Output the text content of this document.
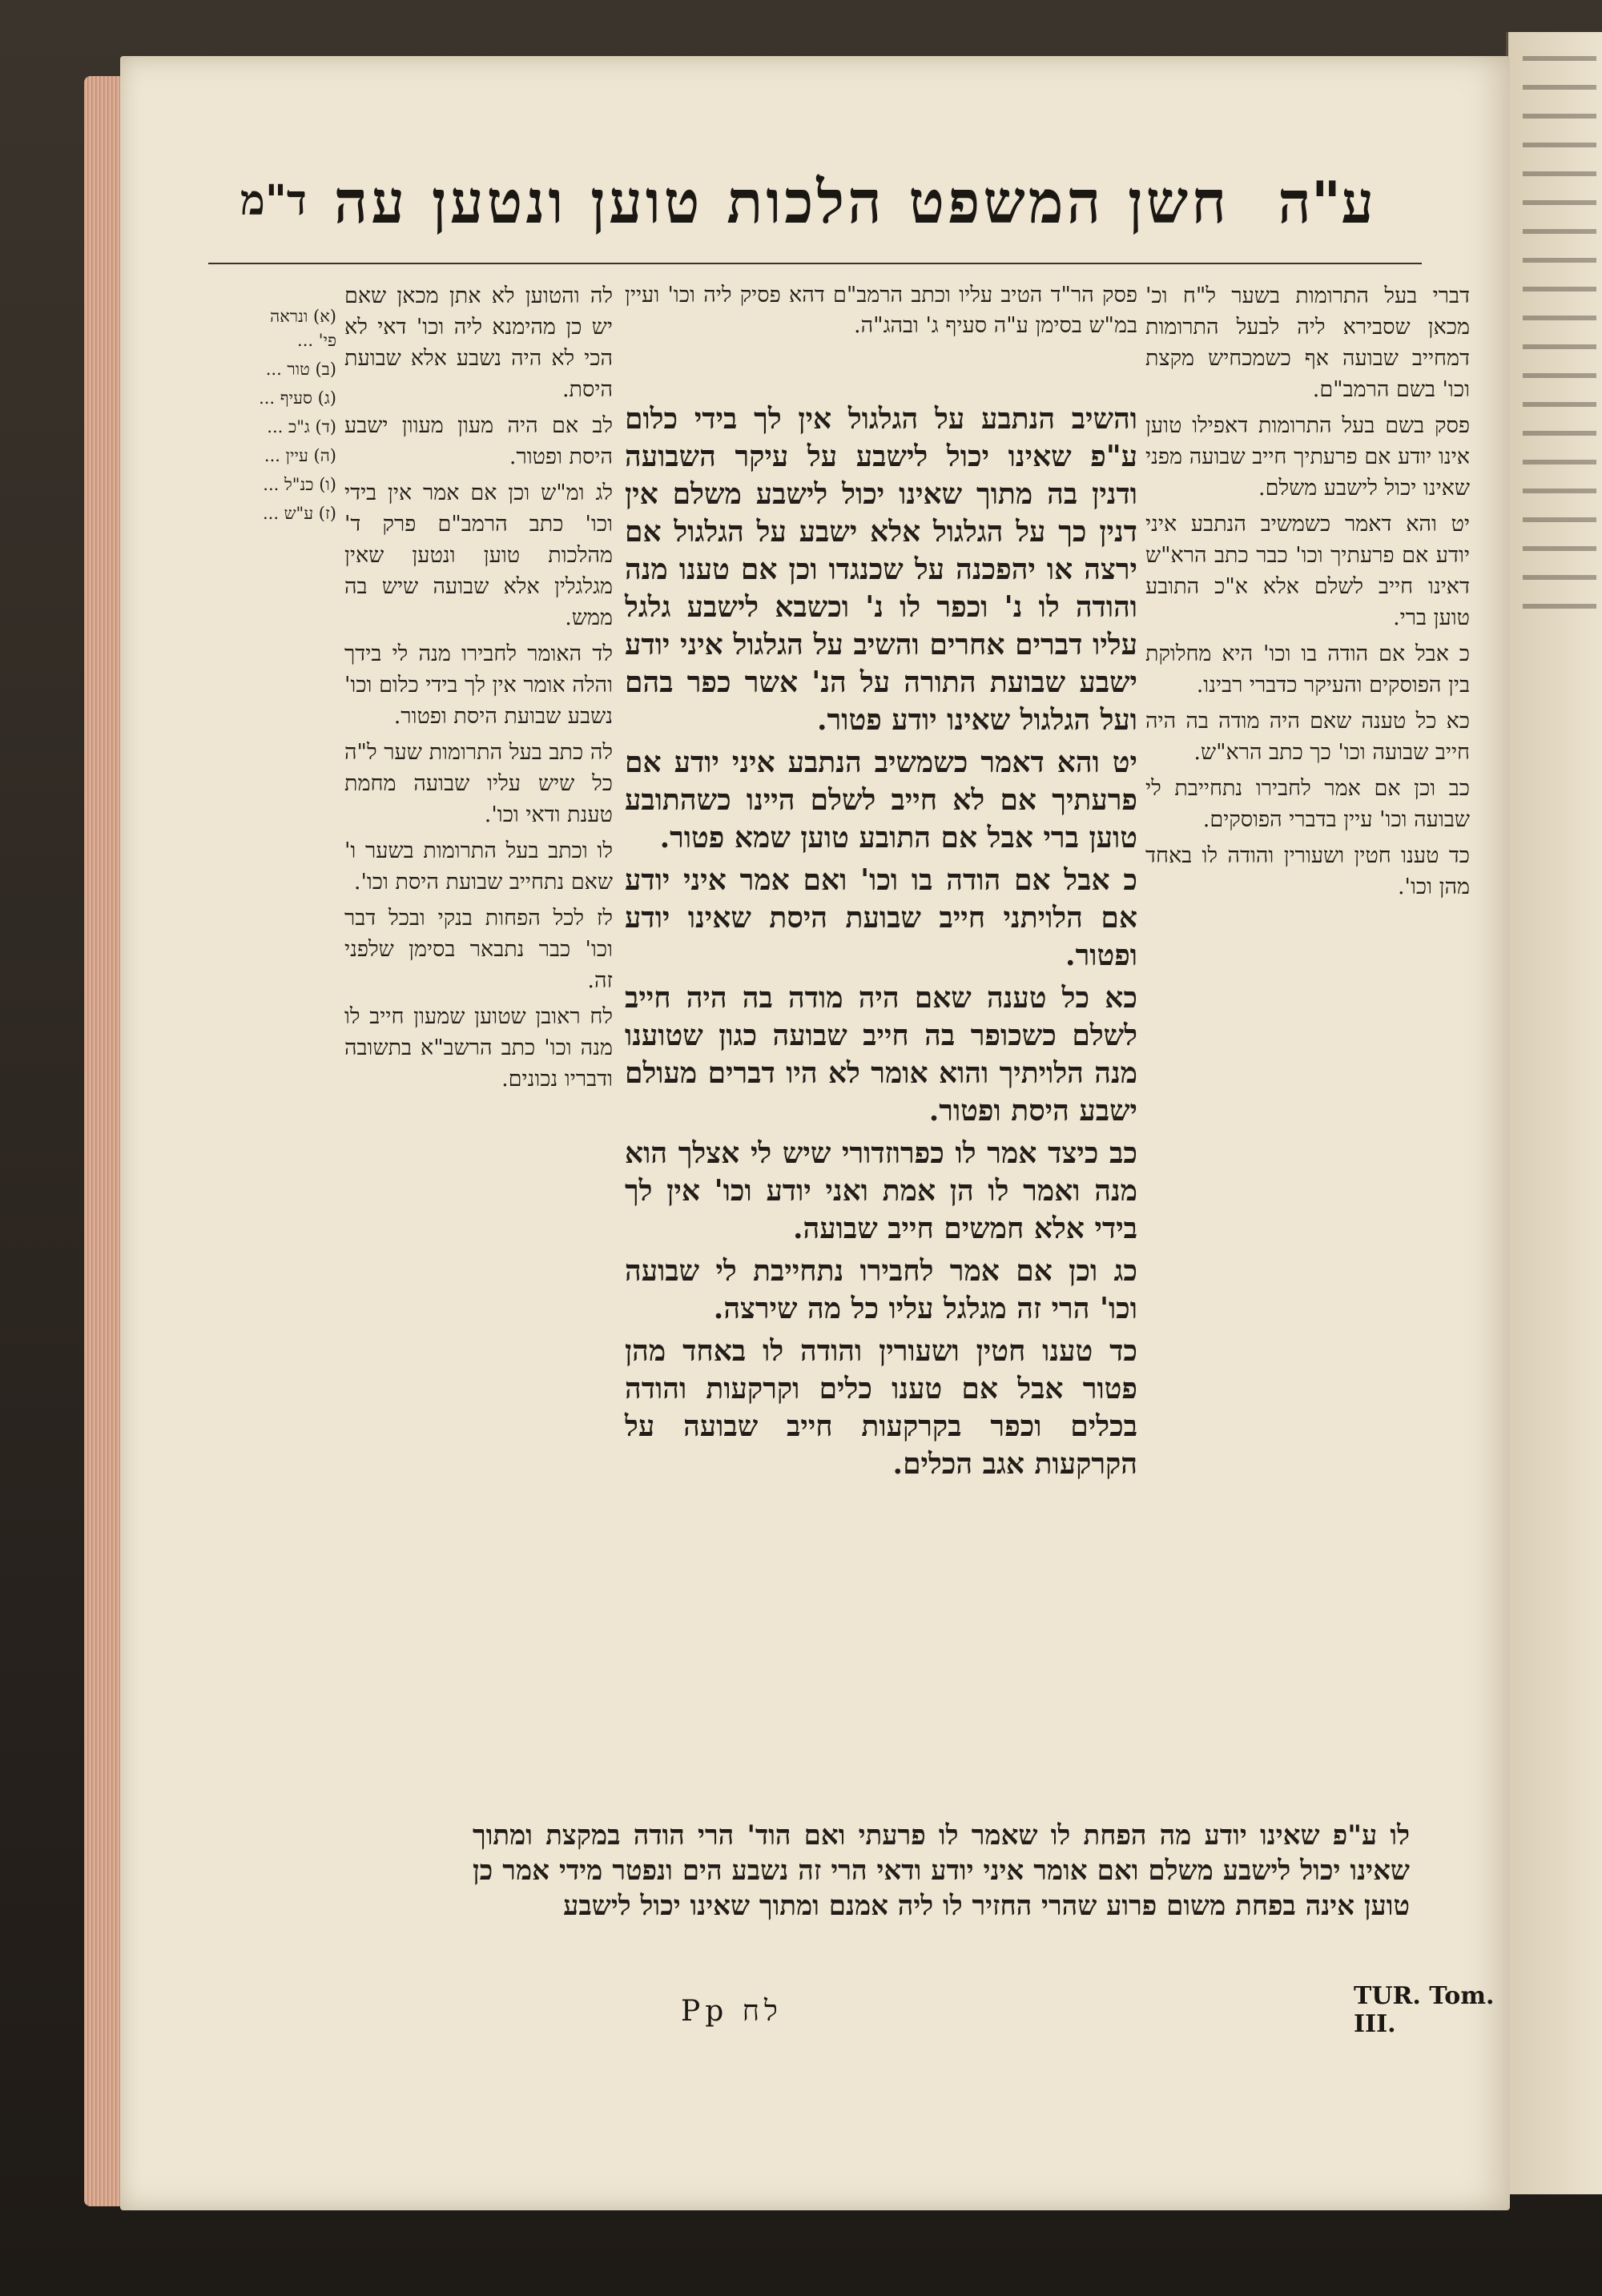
ע"ה
חשן המשפט הלכות טוען ונטען עה
ד"מ

דברי בעל התרומות בשער ל"ח וכ' מכאן שסבירא ליה לבעל התרומות דמחייב שבועה אף כשמכחיש מקצת וכו' בשם הרמב"ם.

פסק בשם בעל התרומות דאפילו טוען אינו יודע אם פרעתיך חייב שבועה מפני שאינו יכול לישבע משלם.

יט והא דאמר כשמשיב הנתבע איני יודע אם פרעתיך וכו' כבר כתב הרא"ש דאינו חייב לשלם אלא א"כ התובע טוען ברי.

כ אבל אם הודה בו וכו' היא מחלוקת בין הפוסקים והעיקר כדברי רבינו.

כא כל טענה שאם היה מודה בה היה חייב שבועה וכו' כך כתב הרא"ש.

כב וכן אם אמר לחבירו נתחייבת לי שבועה וכו' עיין בדברי הפוסקים.

כד טענו חטין ושעורין והודה לו באחד מהן וכו'.

פסק הר"ד הטיב עליו וכתב הרמב"ם דהא פסיק ליה וכו' ועיין במ"ש בסימן ע"ה סעיף ג' ובהג"ה.

והשיב הנתבע על הגלגול אין לך בידי כלום ע"פ שאינו יכול לישבע על עיקר השבועה ודנין בה מתוך שאינו יכול לישבע משלם אין דנין כך על הגלגול אלא ישבע על הגלגול אם ירצה או יהפכנה על שכנגדו וכן אם טענו מנה והודה לו נ' וכפר לו נ' וכשבא לישבע גלגל עליו דברים אחרים והשיב על הגלגול איני יודע ישבע שבועת התורה על הנ' אשר כפר בהם ועל הגלגול שאינו יודע פטור.

יט והא דאמר כשמשיב הנתבע איני יודע אם פרעתיך אם לא חייב לשלם היינו כשהתובע טוען ברי אבל אם התובע טוען שמא פטור.

כ אבל אם הודה בו וכו' ואם אמר איני יודע אם הלויתני חייב שבועת היסת שאינו יודע ופטור.

כא כל טענה שאם היה מודה בה היה חייב לשלם כשכופר בה חייב שבועה כגון שטוענו מנה הלויתיך והוא אומר לא היו דברים מעולם ישבע היסת ופטור.

כב כיצד אמר לו כפרוזדורי שיש לי אצלך הוא מנה ואמר לו הן אמת ואני יודע וכו' אין לך בידי אלא חמשים חייב שבועה.

כג וכן אם אמר לחבירו נתחייבת לי שבועה וכו' הרי זה מגלגל עליו כל מה שירצה.

כד טענו חטין ושעורין והודה לו באחד מהן פטור אבל אם טענו כלים וקרקעות והודה בכלים וכפר בקרקעות חייב שבועה על הקרקעות אגב הכלים.

לה והטוען לא אתן מכאן שאם יש כן מהימנא ליה וכו' דאי לא הכי לא היה נשבע אלא שבועת היסת.

לב אם היה מעון מעוון ישבע היסת ופטור.

לג ומ"ש וכן אם אמר אין בידי וכו' כתב הרמב"ם פרק ד' מהלכות טוען ונטען שאין מגלגלין אלא שבועה שיש בה ממש.

לד האומר לחבירו מנה לי בידך והלה אומר אין לך בידי כלום וכו' נשבע שבועת היסת ופטור.

לה כתב בעל התרומות שער ל"ה כל שיש עליו שבועה מחמת טענת ודאי וכו'.

לו וכתב בעל התרומות בשער ו' שאם נתחייב שבועת היסת וכו'.

לז לכל הפחות בנקי ובכל דבר וכו' כבר נתבאר בסימן שלפני זה.

לח ראובן שטוען שמעון חייב לו מנה וכו' כתב הרשב"א בתשובה ודבריו נכונים.

(א) ונראה פי' ...

(ב) טור ...

(ג) סעיף ...

(ד) ג"כ ...

(ה) עיין ...

(ו) כנ"ל ...

(ז) ע"ש ...

לו ע"פ שאינו יודע מה הפחת לו שאמר לו פרעתי ואם הוד' הרי הודה במקצת ומתוך שאינו יכול לישבע משלם ואם אומר איני יודע ודאי הרי זה נשבע הים ונפטר מידי אמר כן טוען אינה בפחת משום פרוע שהרי החזיר לו ליה אמנם ומתוך שאינו יכול לישבע
Pp לח	TUR. Tom. III.
